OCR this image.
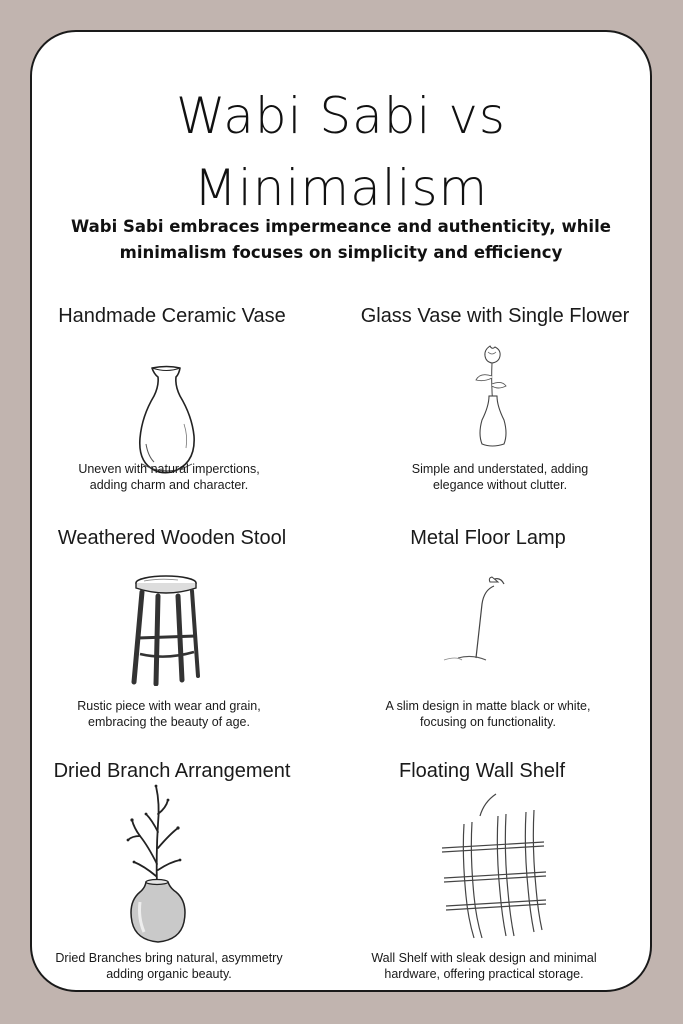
Wabi Sabi vs
Minimalism
Wabi Sabi embraces impermeance and authenticity, while
minimalism focuses on simplicity and efficiency
Handmade Ceramic Vase
Uneven with natural imperctions,
adding charm and character.
Glass Vase with Single Flower
Simple and understated, adding
elegance without clutter.
Weathered Wooden Stool
Rustic piece with wear and grain,
embracing the beauty of age.
Metal Floor Lamp
A slim design in matte black or white,
focusing on functionality.
Dried Branch Arrangement
Dried Branches bring natural, asymmetry
adding organic beauty.
Floating Wall Shelf
Wall Shelf with sleak design and minimal
hardware, offering practical storage.
